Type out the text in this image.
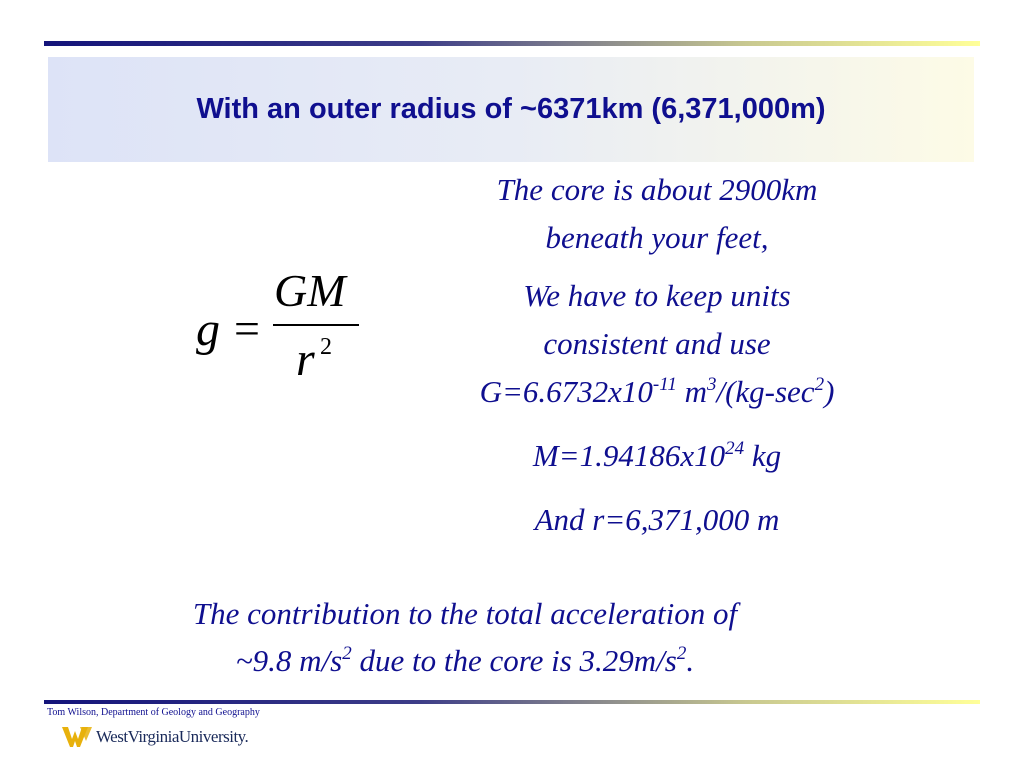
With an outer radius of ~6371km (6,371,000m)
g =
GM
r 2

The core is about 2900km

beneath your feet,

We have to keep units

consistent and use

$G=6.6732x10^{-11}$ $m^3/(kg-\sec^2)$

$M=1.94186x10^{24}$ kg

And r=6,371,000 m

The contribution to the total acceleration of

~9.8 $m/s^2$ due to the core is $3.29m/s^2$.

Tom Wilson, Department of Geology and Geography
WestVirginiaUniversity.
